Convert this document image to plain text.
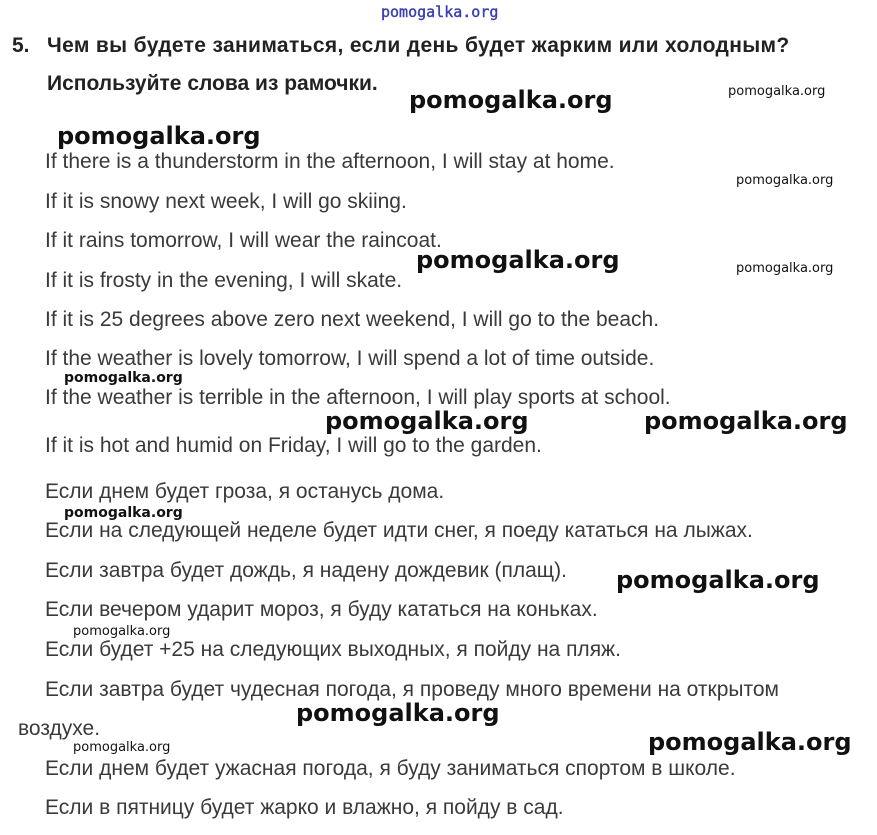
pomogalka.org
5. Чем вы будете заниматься, если день будет жарким или холодным?
Используйте слова из рамочки.
If there is a thunderstorm in the afternoon, I will stay at home.
If it is snowy next week, I will go skiing.
If it rains tomorrow, I will wear the raincoat.
If it is frosty in the evening, I will skate.
If it is 25 degrees above zero next weekend, I will go to the beach.
If the weather is lovely tomorrow, I will spend a lot of time outside.
If the weather is terrible in the afternoon, I will play sports at school.
If it is hot and humid on Friday, I will go to the garden.
Если днем будет гроза, я останусь дома.
Если на следующей неделе будет идти снег, я поеду кататься на лыжах.
Если завтра будет дождь, я надену дождевик (плащ).
Если вечером ударит мороз, я буду кататься на коньках.
Если будет +25 на следующих выходных, я пойду на пляж.
Если завтра будет чудесная погода, я проведу много времени на открытом
воздухе.
Если днем будет ужасная погода, я буду заниматься спортом в школе.
Если в пятницу будет жарко и влажно, я пойду в сад.
pomogalka.org	pomogalka.org
pomogalka.org
pomogalka.org
pomogalka.org	pomogalka.org
pomogalka.org
pomogalka.org	pomogalka.org
pomogalka.org
pomogalka.org
pomogalka.org
pomogalka.org
pomogalka.org	pomogalka.org
